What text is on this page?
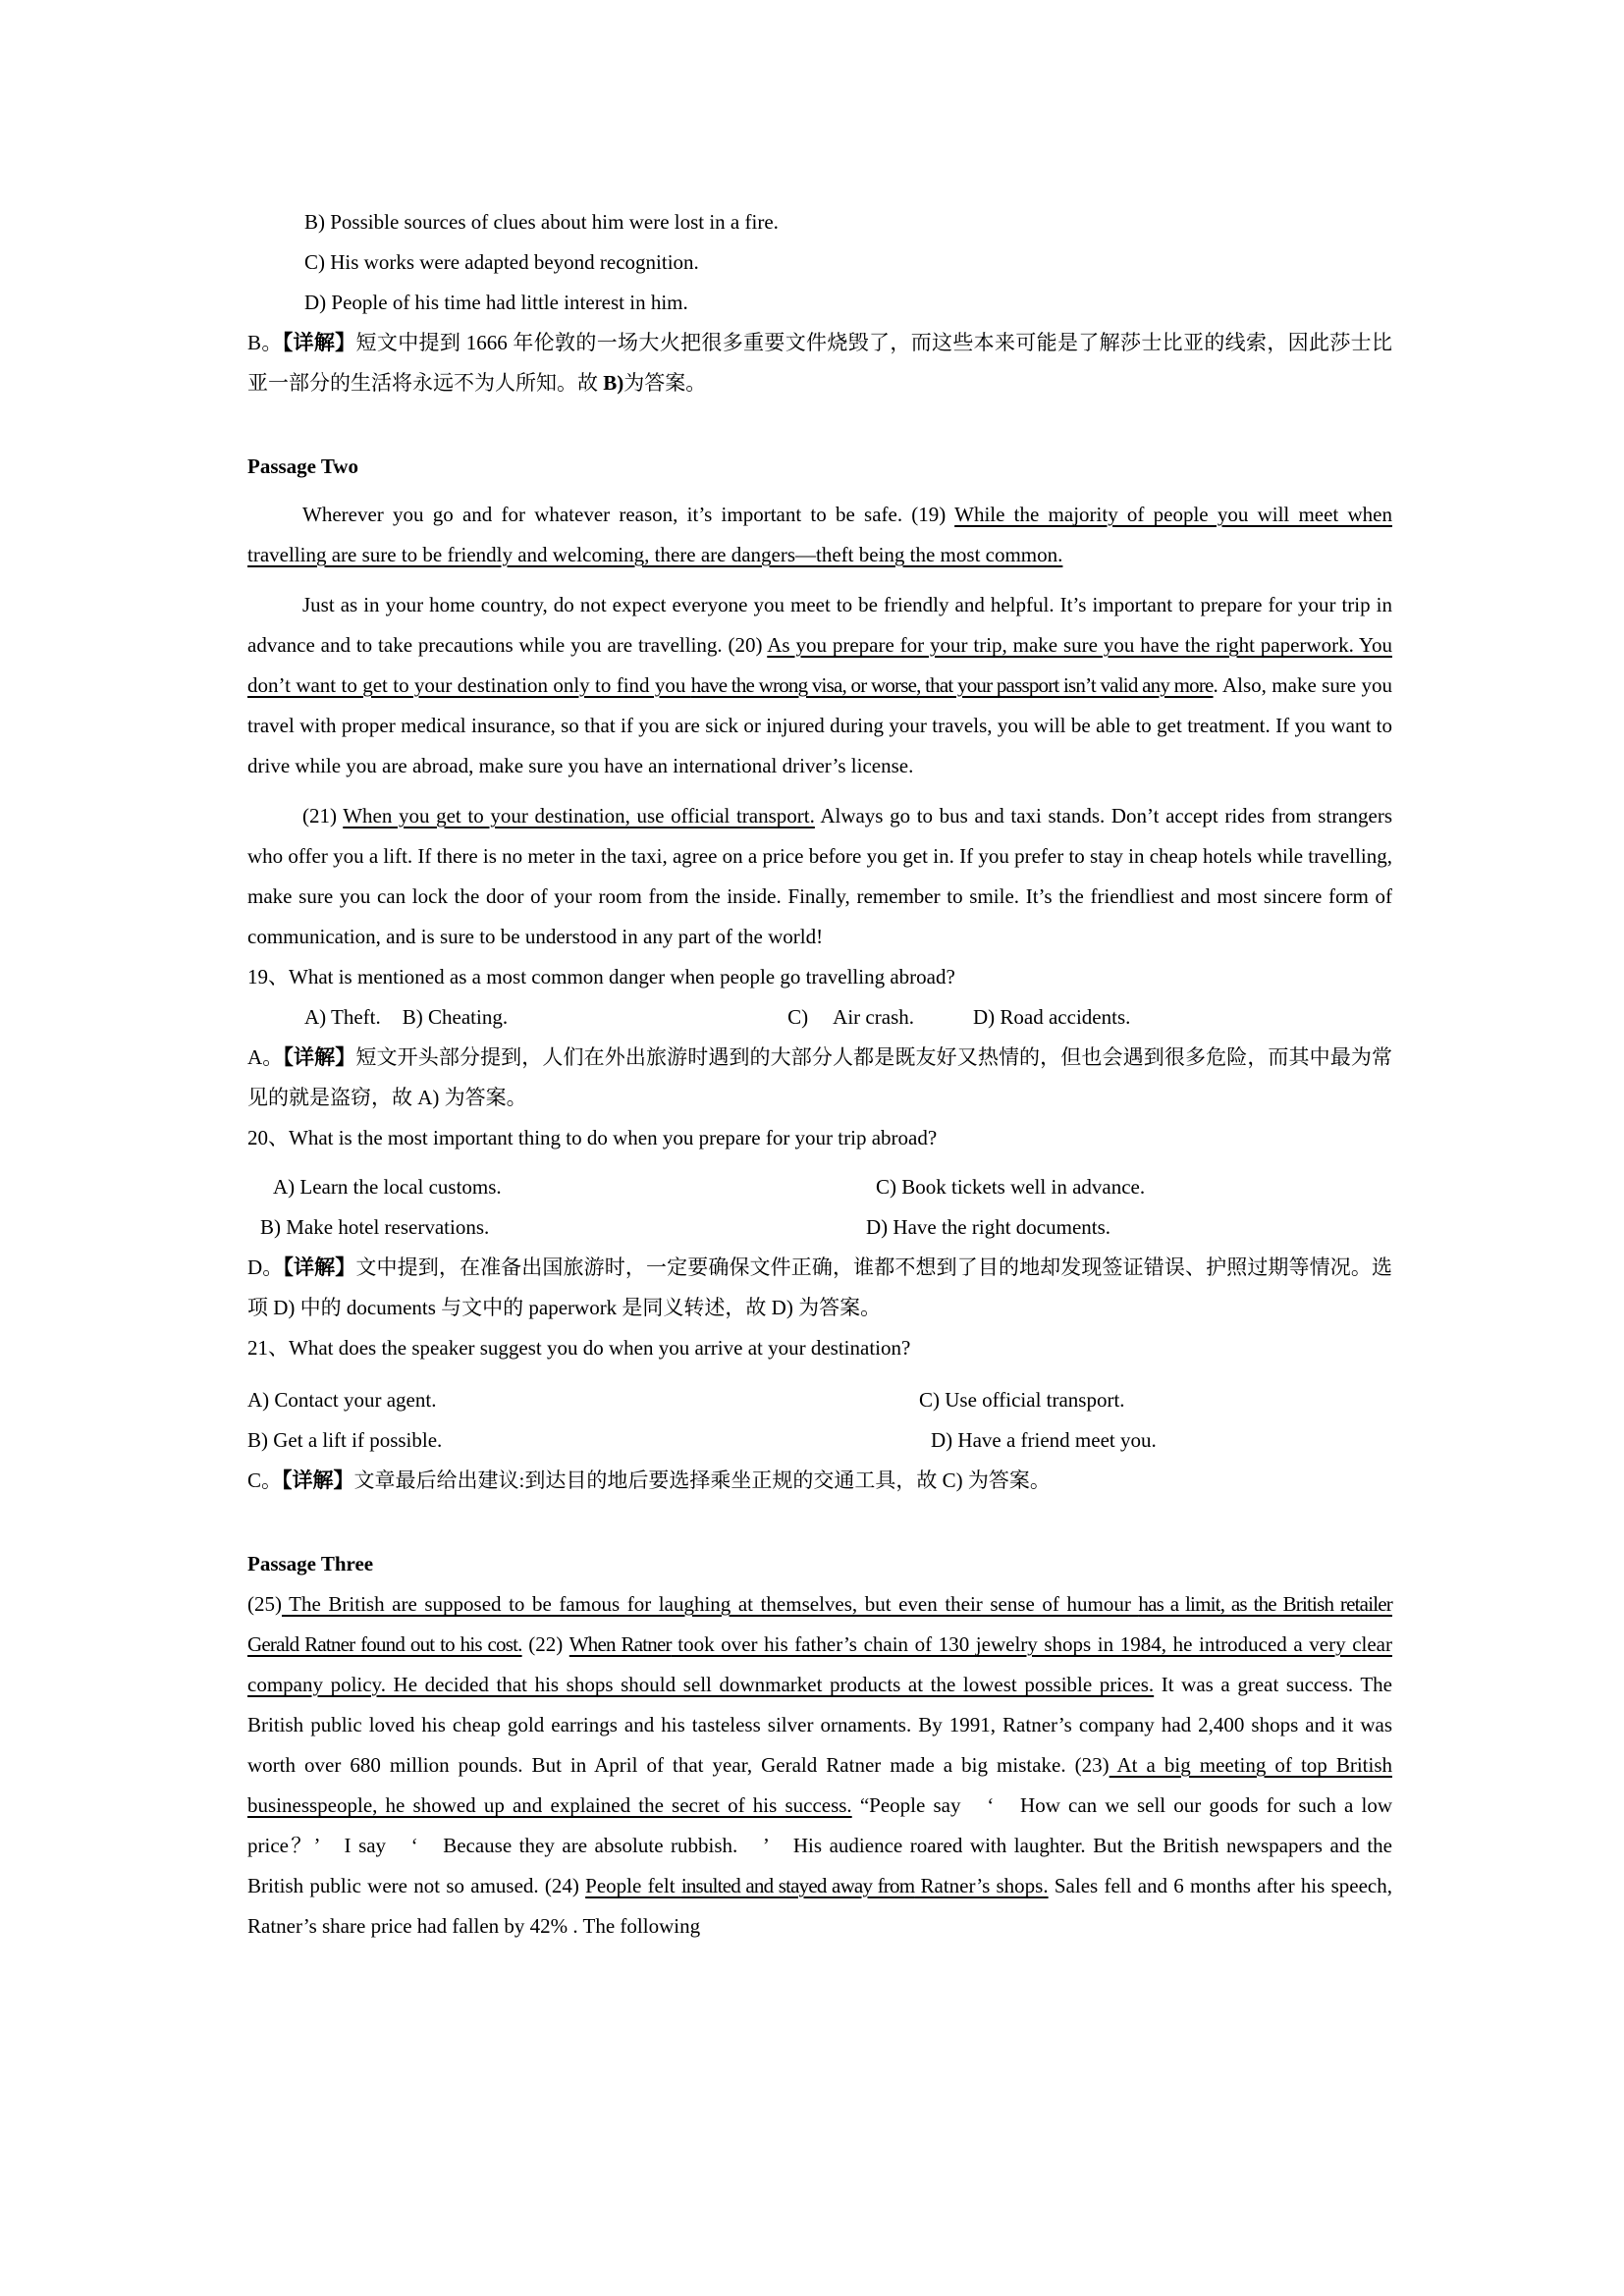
B) Possible sources of clues about him were lost in a fire.

C) His works were adapted beyond recognition.

D) People of his time had little interest in him.

B。【详解】短文中提到 1666 年伦敦的一场大火把很多重要文件烧毁了，而这些本来可能是了解莎士比亚的线索，因此莎士比亚一部分的生活将永远不为人所知。故 B)为答案。

Passage Two

Wherever you go and for whatever reason, it’s important to be safe. (19) While the majority of people you will meet when travelling are sure to be friendly and welcoming, there are dangers—theft being the most common.

Just as in your home country, do not expect everyone you meet to be friendly and helpful. It’s important to prepare for your trip in advance and to take precautions while you are travelling. (20) As you prepare for your trip, make sure you have the right paperwork. You don’t want to get to your destination only to find you have the wrong visa, or worse, that your passport isn’t valid any more. Also, make sure you travel with proper medical insurance, so that if you are sick or injured during your travels, you will be able to get treatment. If you want to drive while you are abroad, make sure you have an international driver’s license.

(21) When you get to your destination, use official transport. Always go to bus and taxi stands. Don’t accept rides from strangers who offer you a lift. If there is no meter in the taxi, agree on a price before you get in. If you prefer to stay in cheap hotels while travelling, make sure you can lock the door of your room from the inside. Finally, remember to smile. It’s the friendliest and most sincere form of communication, and is sure to be understood in any part of the world!

19、What is mentioned as a most common danger when people go travelling abroad?

A) Theft. B) Cheating.	C)　 Air crash.	D) Road accidents.

A。【详解】短文开头部分提到，人们在外出旅游时遇到的大部分人都是既友好又热情的，但也会遇到很多危险，而其中最为常见的就是盗窃，故 A) 为答案。

20、What is the most important thing to do when you prepare for your trip abroad?

A) Learn the local customs.	C) Book tickets well in advance.

B) Make hotel reservations.	D) Have the right documents.

D。【详解】文中提到，在准备出国旅游时，一定要确保文件正确，谁都不想到了目的地却发现签证错误、护照过期等情况。选项 D) 中的 documents 与文中的 paperwork 是同义转述，故 D) 为答案。

21、What does the speaker suggest you do when you arrive at your destination?

A) Contact your agent.	C) Use official transport.

B) Get a lift if possible.	D) Have a friend meet you.

C。【详解】文章最后给出建议:到达目的地后要选择乘坐正规的交通工具，故 C) 为答案。

Passage Three

(25) The British are supposed to be famous for laughing at themselves, but even their sense of humour has a limit, as the British retailer Gerald Ratner found out to his cost. (22) When Ratner took over his father’s chain of 130 jewelry shops in 1984, he introduced a very clear company policy. He decided that his shops should sell downmarket products at the lowest possible prices. It was a great success. The British public loved his cheap gold earrings and his tasteless silver ornaments. By 1991, Ratner’s company had 2,400 shops and it was worth over 680 million pounds. But in April of that year, Gerald Ratner made a big mistake. (23) At a big meeting of top British businesspeople, he showed up and explained the secret of his success. “People say　‘　How can we sell our goods for such a low price？’　I say　‘　Because they are absolute rubbish.　’　His audience roared with laughter. But the British newspapers and the British public were not so amused. (24) People felt insulted and stayed away from Ratner’s shops. Sales fell and 6 months after his speech, Ratner’s share price had fallen by 42% . The following
